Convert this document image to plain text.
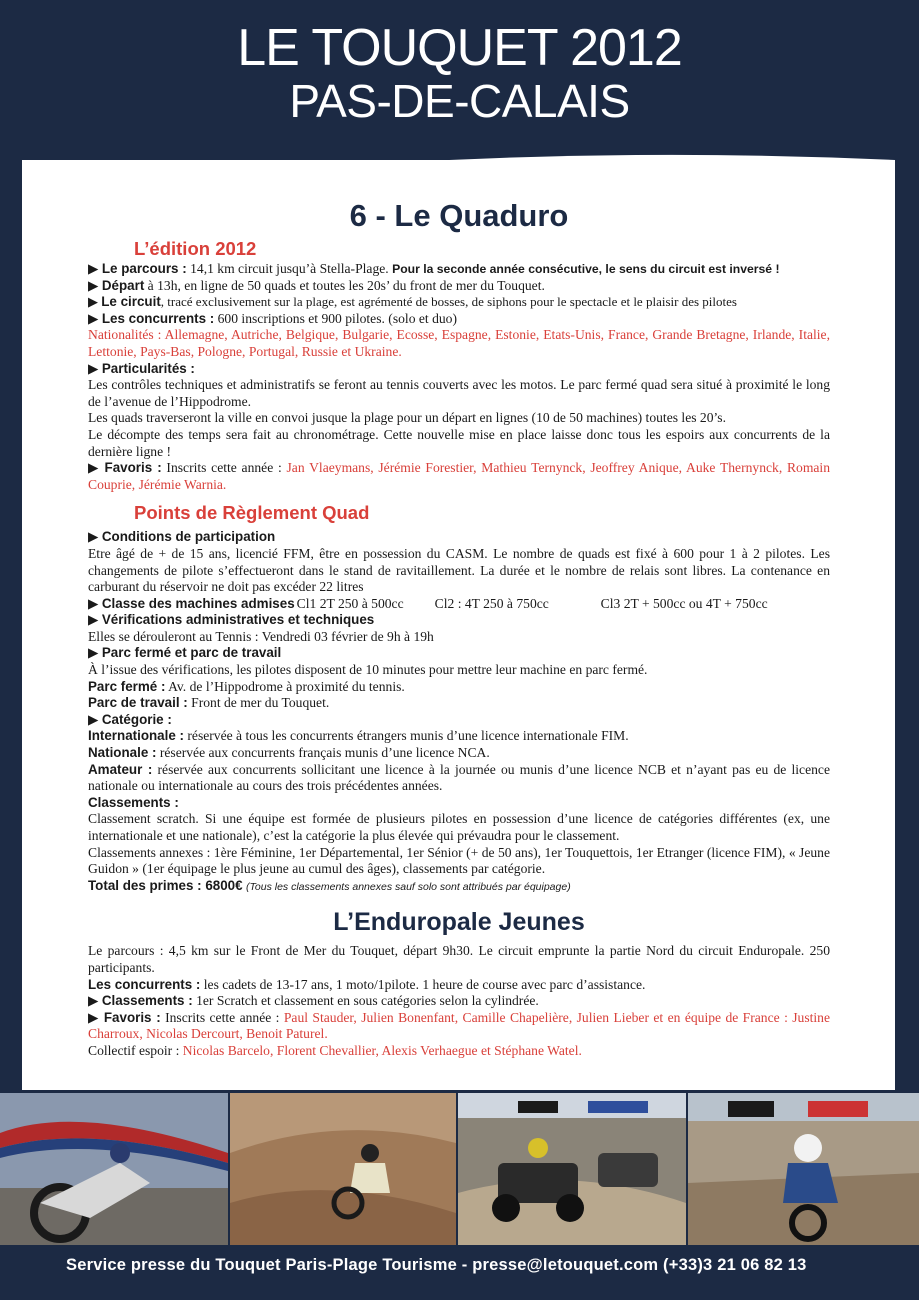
LE TOUQUET 2012
PAS-DE-CALAIS

6 - Le Quaduro

L’édition 2012

▶ Le parcours : 14,1 km circuit jusqu’à Stella-Plage. Pour la seconde année consécutive, le sens du circuit est inversé !

▶ Départ à 13h, en ligne de 50 quads et toutes les 20s’ du front de mer du Touquet.

▶ Le circuit, tracé exclusivement sur la plage, est agrémenté de bosses, de siphons pour le spectacle et le plaisir des pilotes

▶ Les concurrents : 600 inscriptions et 900 pilotes. (solo et duo)

Nationalités : Allemagne, Autriche, Belgique, Bulgarie, Ecosse, Espagne, Estonie, Etats-Unis, France, Grande Bretagne, Irlande, Italie, Lettonie, Pays-Bas, Pologne, Portugal, Russie et Ukraine.

▶ Particularités :

Les contrôles techniques et administratifs se feront au tennis couverts avec les motos. Le parc fermé quad sera situé à proximité le long de l’avenue de l’Hippodrome.

Les quads traverseront la ville en convoi jusque la plage pour un départ en lignes (10 de 50 machines) toutes les 20’s.

Le décompte des temps sera fait au chronométrage. Cette nouvelle mise en place laisse donc tous les espoirs aux concurrents de la dernière ligne !

▶ Favoris : Inscrits cette année : Jan Vlaeymans, Jérémie Forestier, Mathieu Ternynck, Jeoffrey Anique, Auke Thernynck, Romain Couprie, Jérémie Warnia.

Points de Règlement Quad

▶ Conditions de participation

Etre âgé de + de 15 ans, licencié FFM, être en possession du CASM. Le nombre de quads est fixé à 600 pour 1 à 2 pilotes. Les changements de pilote s’effectueront dans le stand de ravitaillement. La durée et le nombre de relais sont libres. La contenance en carburant du réservoir ne doit pas excéder 22 litres

▶ Classe des machines admises Cl1 2T 250 à 500cc Cl2 : 4T 250 à 750cc	Cl3 2T + 500cc ou 4T + 750cc

▶ Vérifications administratives et techniques

Elles se dérouleront au Tennis : Vendredi 03 février de 9h à 19h

▶ Parc fermé et parc de travail

À l’issue des vérifications, les pilotes disposent de 10 minutes pour mettre leur machine en parc fermé.

Parc fermé : Av. de l’Hippodrome à proximité du tennis.

Parc de travail : Front de mer du Touquet.

▶ Catégorie :

Internationale : réservée à tous les concurrents étrangers munis d’une licence internationale FIM.

Nationale : réservée aux concurrents français munis d’une licence NCA.

Amateur : réservée aux concurrents sollicitant une licence à la journée ou munis d’une licence NCB et n’ayant pas eu de licence nationale ou internationale au cours des trois précédentes années.

Classements :

Classement scratch. Si une équipe est formée de plusieurs pilotes en possession d’une licence de catégories différentes (ex, une internationale et une nationale), c’est la catégorie la plus élevée qui prévaudra pour le classement.

Classements annexes : 1ère Féminine, 1er Départemental, 1er Sénior (+ de 50 ans), 1er Touquettois, 1er Etranger (licence FIM), « Jeune Guidon » (1er équipage le plus jeune au cumul des âges), classements par catégorie.

Total des primes : 6800€ (Tous les classements annexes sauf solo sont attribués par équipage)

L’Enduropale Jeunes

Le parcours : 4,5 km sur le Front de Mer du Touquet, départ 9h30. Le circuit emprunte la partie Nord du circuit Enduropale. 250 participants.

Les concurrents : les cadets de 13-17 ans, 1 moto/1pilote. 1 heure de course avec parc d’assistance.

▶ Classements : 1er Scratch et classement en sous catégories selon la cylindrée.

▶ Favoris : Inscrits cette année : Paul Stauder, Julien Bonenfant, Camille Chapelière, Julien Lieber et en équipe de France : Justine Charroux, Nicolas Dercourt, Benoit Paturel.

Collectif espoir : Nicolas Barcelo, Florent Chevallier, Alexis Verhaegue et Stéphane Watel.

Service presse du Touquet Paris-Plage Tourisme - presse@letouquet.com (+33)3 21 06 82 13
